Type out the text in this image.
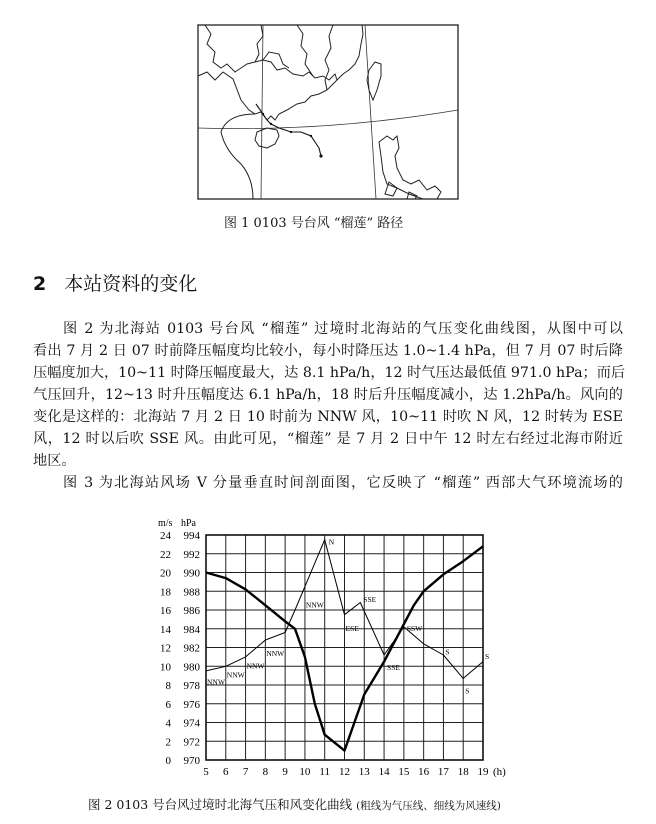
图 1 0103 号台风 “榴莲” 路径
2 本站资料的变化
图 2 为北海站 0103 号台风 “榴莲” 过境时北海站的气压变化曲线图，从图中可以
看出 7 月 2 日 07 时前降压幅度均比较小，每小时降压达 1.0~1.4 hPa，但 7 月 07 时后降
压幅度加大，10~11 时降压幅度最大，达 8.1 hPa/h，12 时气压达最低值 971.0 hPa；而后
气压回升，12~13 时升压幅度达 6.1 hPa/h，18 时后升压幅度减小，达 1.2hPa/h。风向的
变化是这样的：北海站 7 月 2 日 10 时前为 NNW 风，10~11 时吹 N 风，12 时转为 ESE
风，12 时以后吹 SSE 风。由此可见，“榴莲” 是 7 月 2 日中午 12 时左右经过北海市附近
地区。
图 3 为北海站风场 V 分量垂直时间剖面图，它反映了 “榴莲” 西部大气环境流场的
0
2
4
6
8
10
12
14
16
18
20
22
24
970
972
974
976
978
980
982
984
986
988
990
992
994
5 6 7 8 9 10 11 12 13 14 15 16 17 18 19
m/s hPa
(h)
NNW
NNW
NNW
NNW
NNW
N
ESE
SSE
SSE
SSW
S
S
S
图 2 0103 号台风过境时北海气压和风变化曲线 (粗线为气压线、细线为风速线)
